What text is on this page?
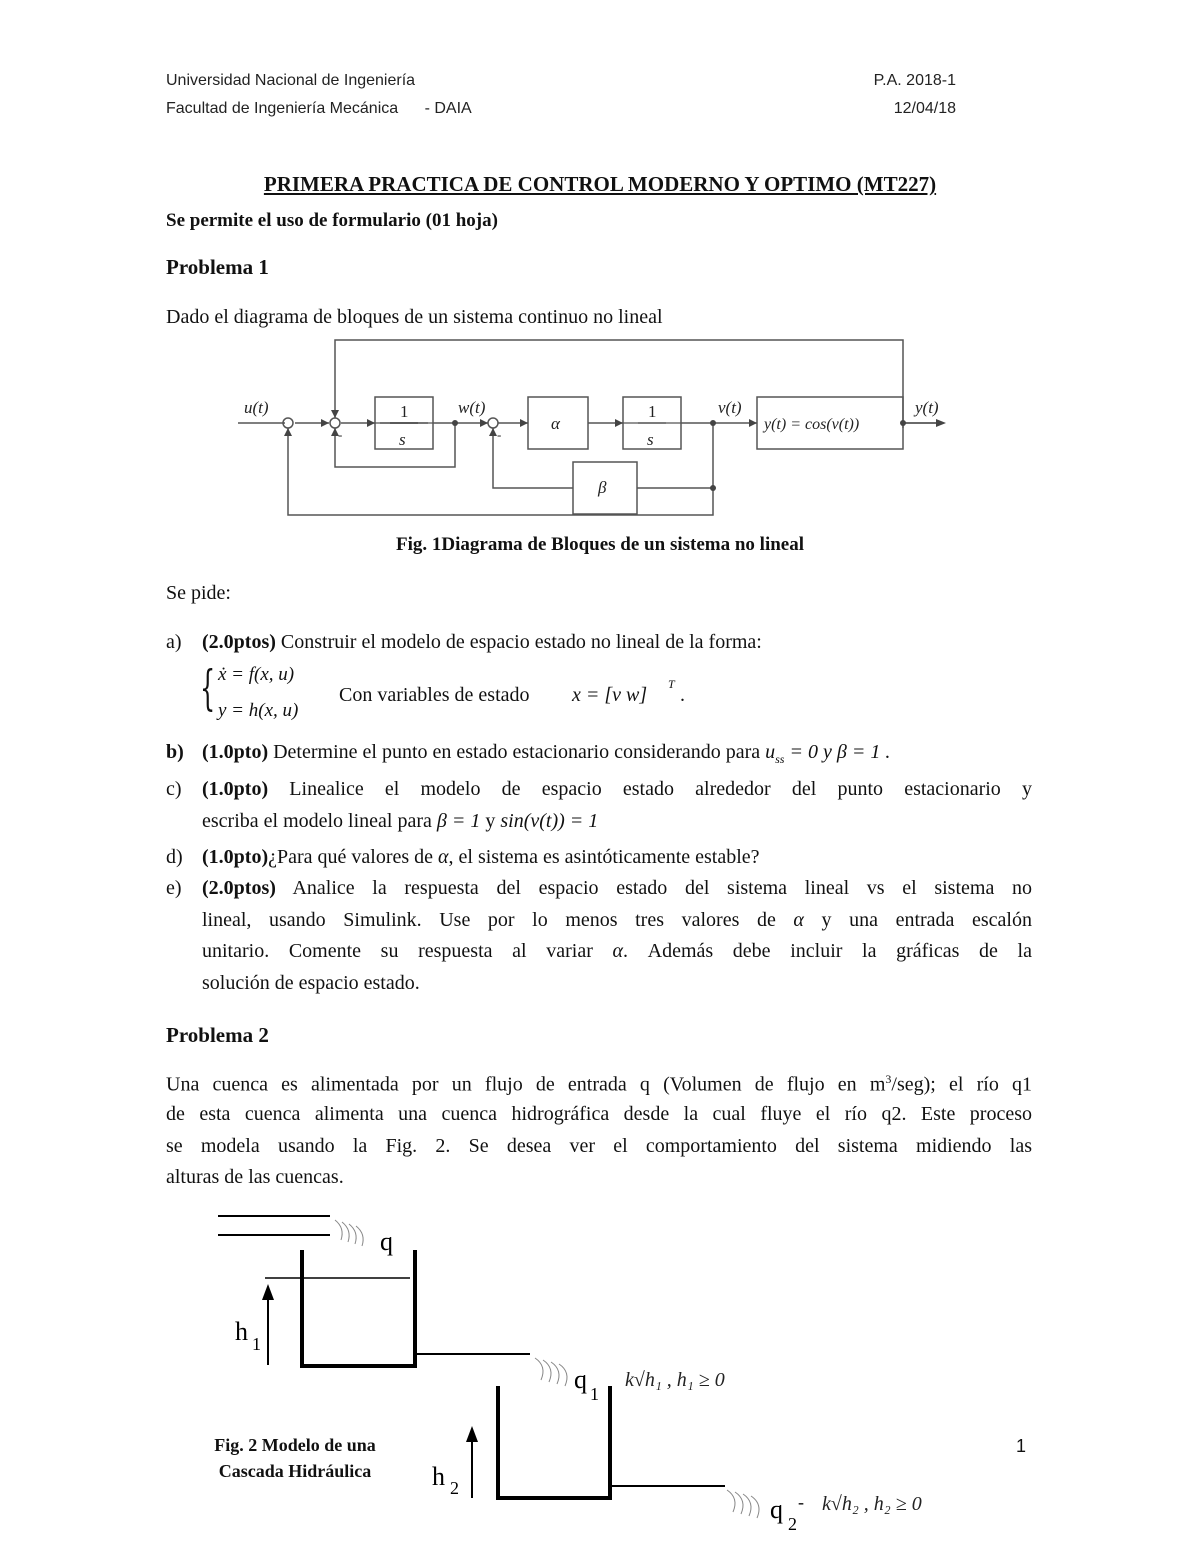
Universidad Nacional de Ingeniería
Facultad de Ingeniería Mecánica - DAIA
P.A. 2018-1
12/04/18
PRIMERA PRACTICA DE CONTROL MODERNO Y OPTIMO (MT227)
Se permite el uso de formulario (01 hoja)
Problema 1
Dado el diagrama de bloques de un sistema continuo no lineal
u(t)	w(t)	v(t)	y(t)
1
s
1
s
α
β
y(t) = cos(v(t))
-	-
Fig. 1Diagrama de Bloques de un sistema no lineal
Se pide:
a) (2.0ptos) Construir el modelo de espacio estado no lineal de la forma:
{ ẋ = f(x, u)
y = h(x, u)
Con variables de estado x = [v w] T .
b) (1.0pto) Determine el punto en estado estacionario considerando para $u_{ss} = 0$ y β = 1 .
c) (1.0pto) Linealice el modelo de espacio estado alrededor del punto estacionario y
escriba el modelo lineal para β = 1 y sin(v(t)) = 1
d) (1.0pto)¿Para qué valores de α, el sistema es asintóticamente estable?
e) (2.0ptos) Analice la respuesta del espacio estado del sistema lineal vs el sistema no
lineal, usando Simulink. Use por lo menos tres valores de α y una entrada escalón
unitario. Comente su respuesta al variar α. Además debe incluir la gráficas de la
solución de espacio estado.
Problema 2
Una cuenca es alimentada por un flujo de entrada q (Volumen de flujo en $m^3/seg$); el río q1
de esta cuenca alimenta una cuenca hidrográfica desde la cual fluye el río q2. Este proceso
se modela usando la Fig. 2. Se desea ver el comportamiento del sistema midiendo las
alturas de las cuencas.
q
h 1
q 1
h 2
q 2
-
k√h₁ , h₁ ≥ 0
k√h₂ , h₂ ≥ 0
Fig. 2 Modelo de una
Cascada Hidráulica
1
